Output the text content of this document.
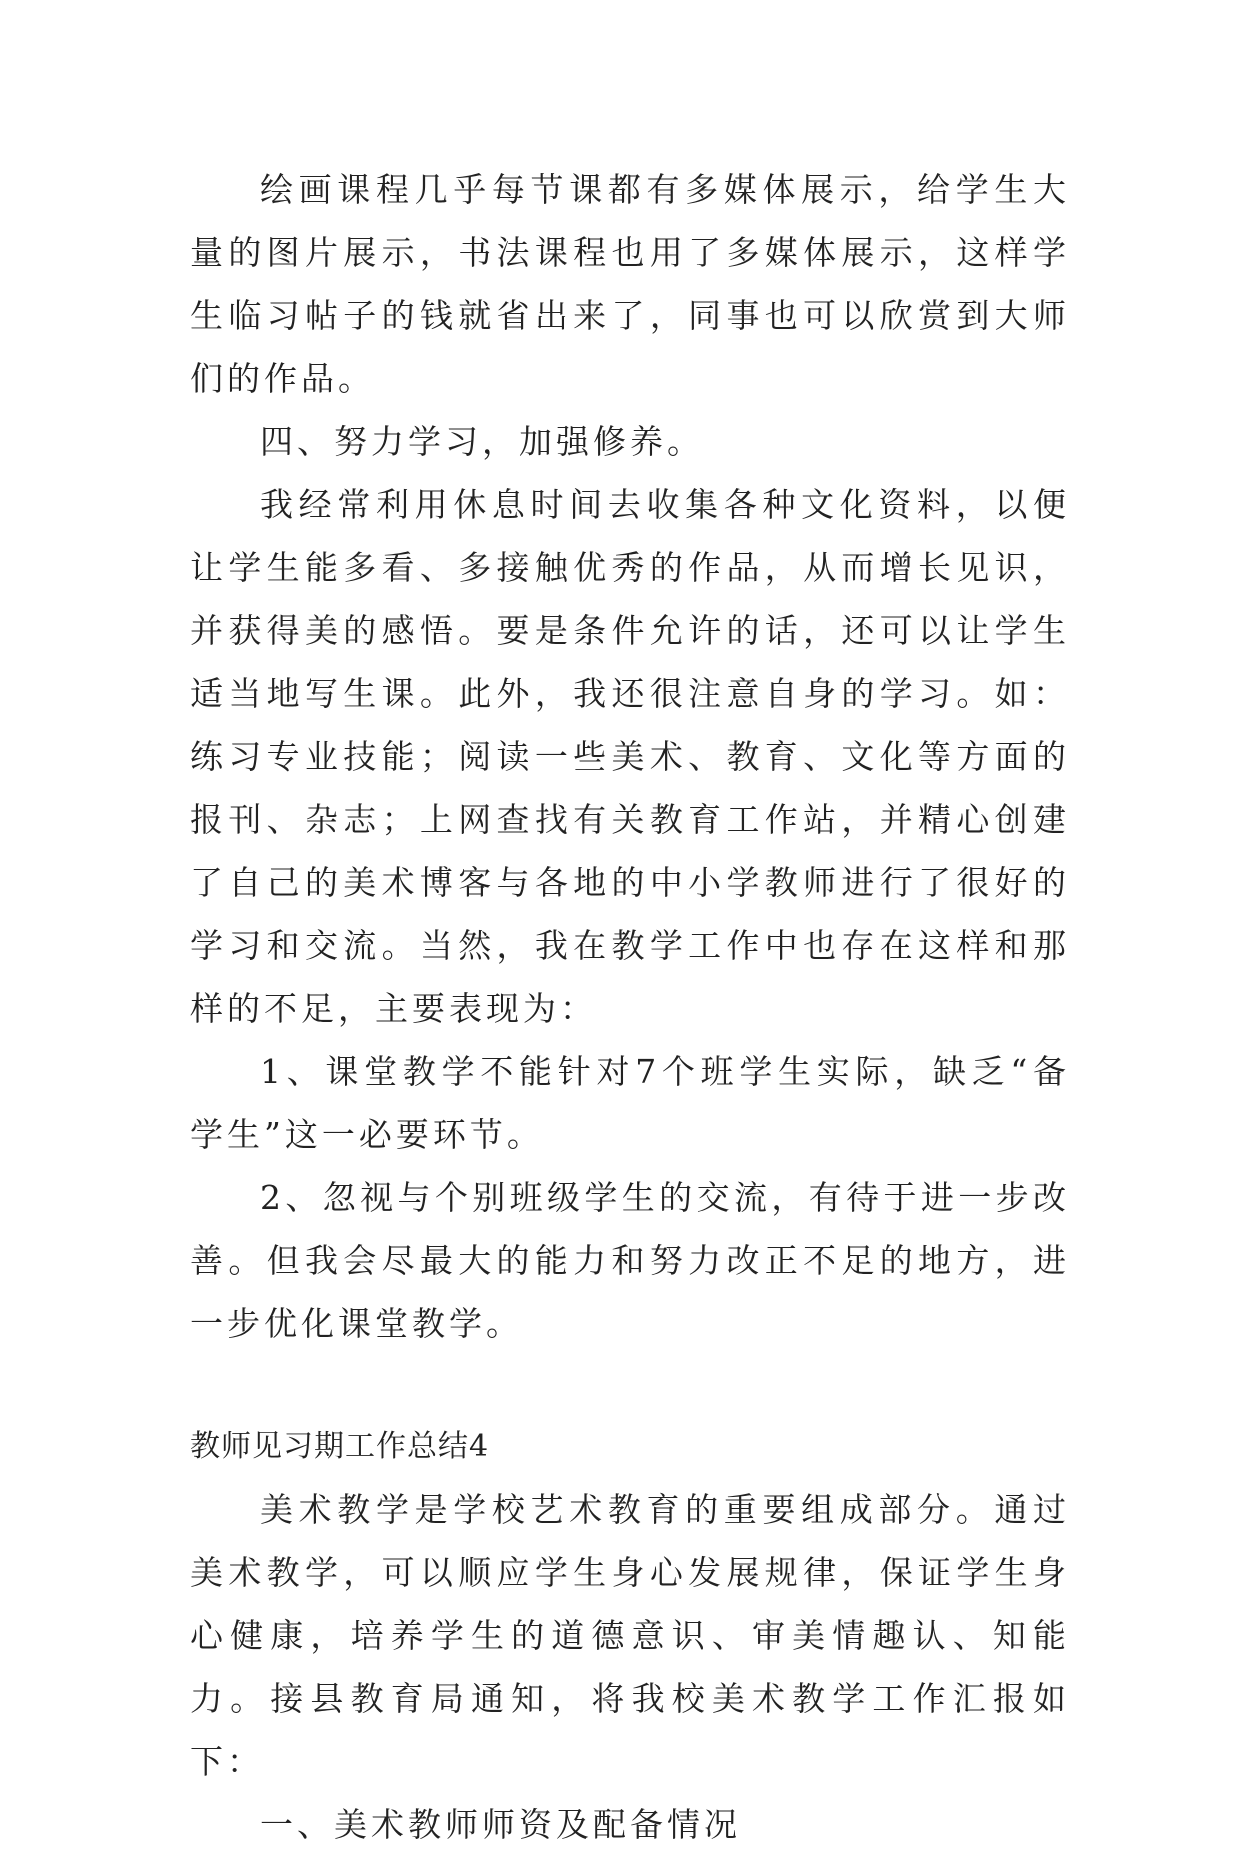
绘画课程几乎每节课都有多媒体展示，给学生大量的图片展示，书法课程也用了多媒体展示，这样学生临习帖子的钱就省出来了，同事也可以欣赏到大师们的作品。

四、努力学习，加强修养。

我经常利用休息时间去收集各种文化资料，以便让学生能多看、多接触优秀的作品，从而增长见识，并获得美的感悟。要是条件允许的话，还可以让学生适当地写生课。此外，我还很注意自身的学习。如：练习专业技能；阅读一些美术、教育、文化等方面的报刊、杂志；上网查找有关教育工作站，并精心创建了自己的美术博客与各地的中小学教师进行了很好的学习和交流。当然，我在教学工作中也存在这样和那样的不足，主要表现为：

1、课堂教学不能针对7个班学生实际，缺乏“备学生”这一必要环节。

2、忽视与个别班级学生的交流，有待于进一步改善。但我会尽最大的能力和努力改正不足的地方，进一步优化课堂教学。

教师见习期工作总结4

美术教学是学校艺术教育的重要组成部分。通过美术教学，可以顺应学生身心发展规律，保证学生身心健康，培养学生的道德意识、审美情趣认、知能力。接县教育局通知，将我校美术教学工作汇报如下：

一、美术教师师资及配备情况
